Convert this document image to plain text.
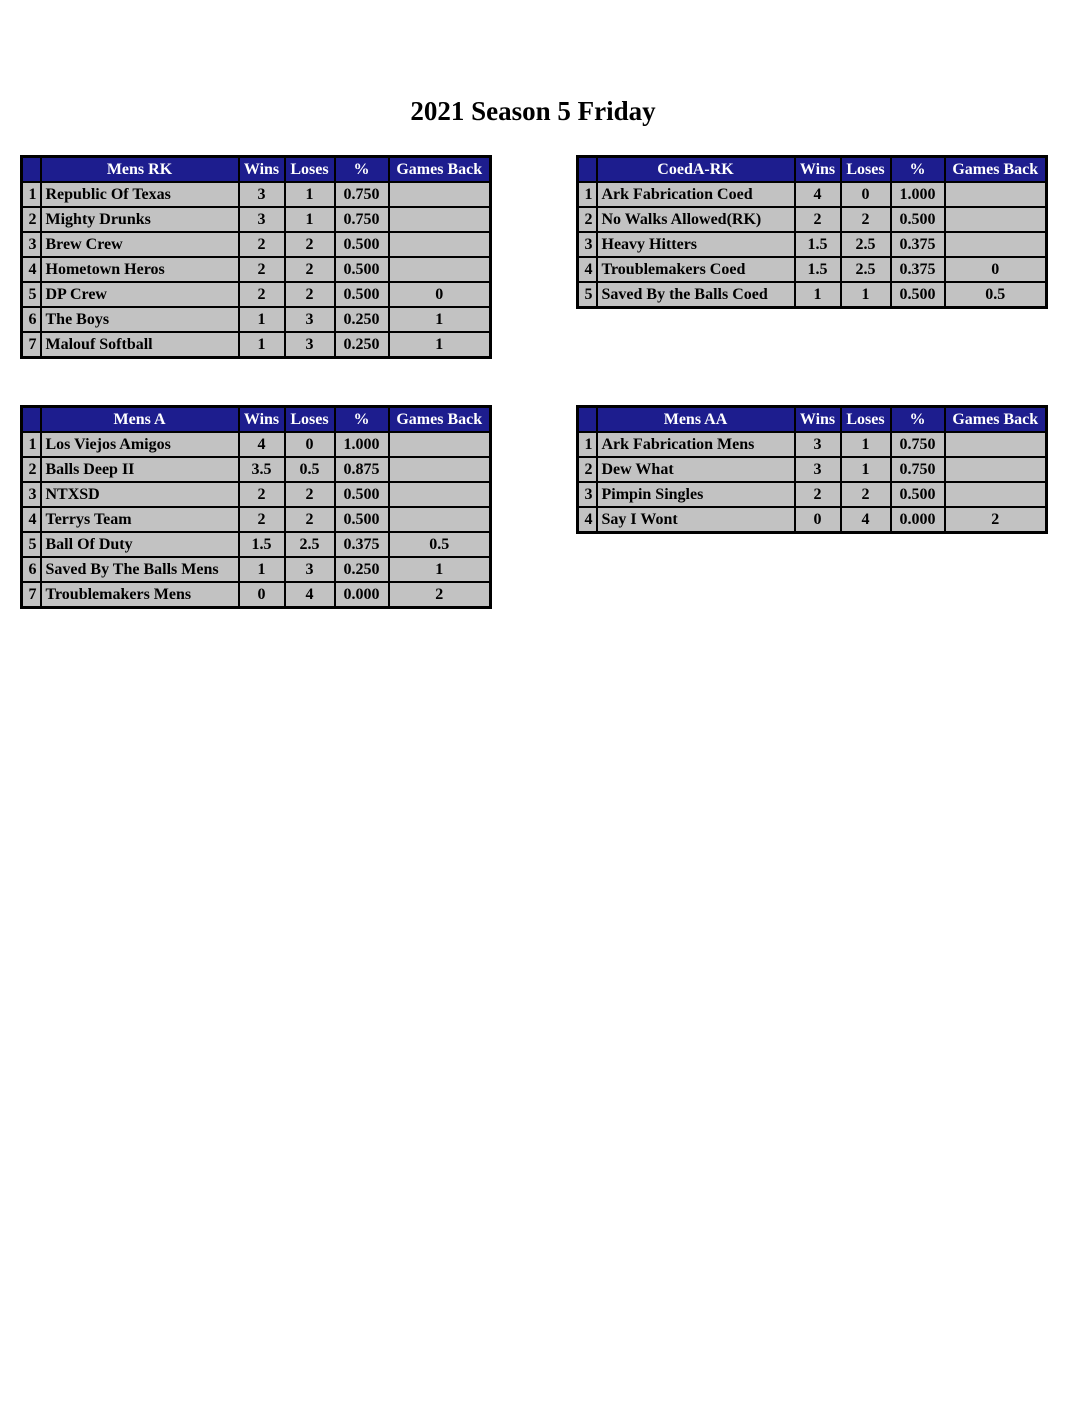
2021 Season 5 Friday
	Mens RK	Wins	Loses	%	Games Back
1	Republic Of Texas	3	1	0.750	
2	Mighty Drunks	3	1	0.750	
3	Brew Crew	2	2	0.500	
4	Hometown Heros	2	2	0.500	
5	DP Crew	2	2	0.500	0
6	The Boys	1	3	0.250	1
7	Malouf Softball	1	3	0.250	1
	CoedA-RK	Wins	Loses	%	Games Back
1	Ark Fabrication Coed	4	0	1.000	
2	No Walks Allowed(RK)	2	2	0.500	
3	Heavy Hitters	1.5	2.5	0.375	
4	Troublemakers Coed	1.5	2.5	0.375	0
5	Saved By the Balls Coed	1	1	0.500	0.5
	Mens A	Wins	Loses	%	Games Back
1	Los Viejos Amigos	4	0	1.000	
2	Balls Deep II	3.5	0.5	0.875	
3	NTXSD	2	2	0.500	
4	Terrys Team	2	2	0.500	
5	Ball Of Duty	1.5	2.5	0.375	0.5
6	Saved By The Balls Mens	1	3	0.250	1
7	Troublemakers Mens	0	4	0.000	2
	Mens AA	Wins	Loses	%	Games Back
1	Ark Fabrication Mens	3	1	0.750	
2	Dew What	3	1	0.750	
3	Pimpin Singles	2	2	0.500	
4	Say I Wont	0	4	0.000	2
